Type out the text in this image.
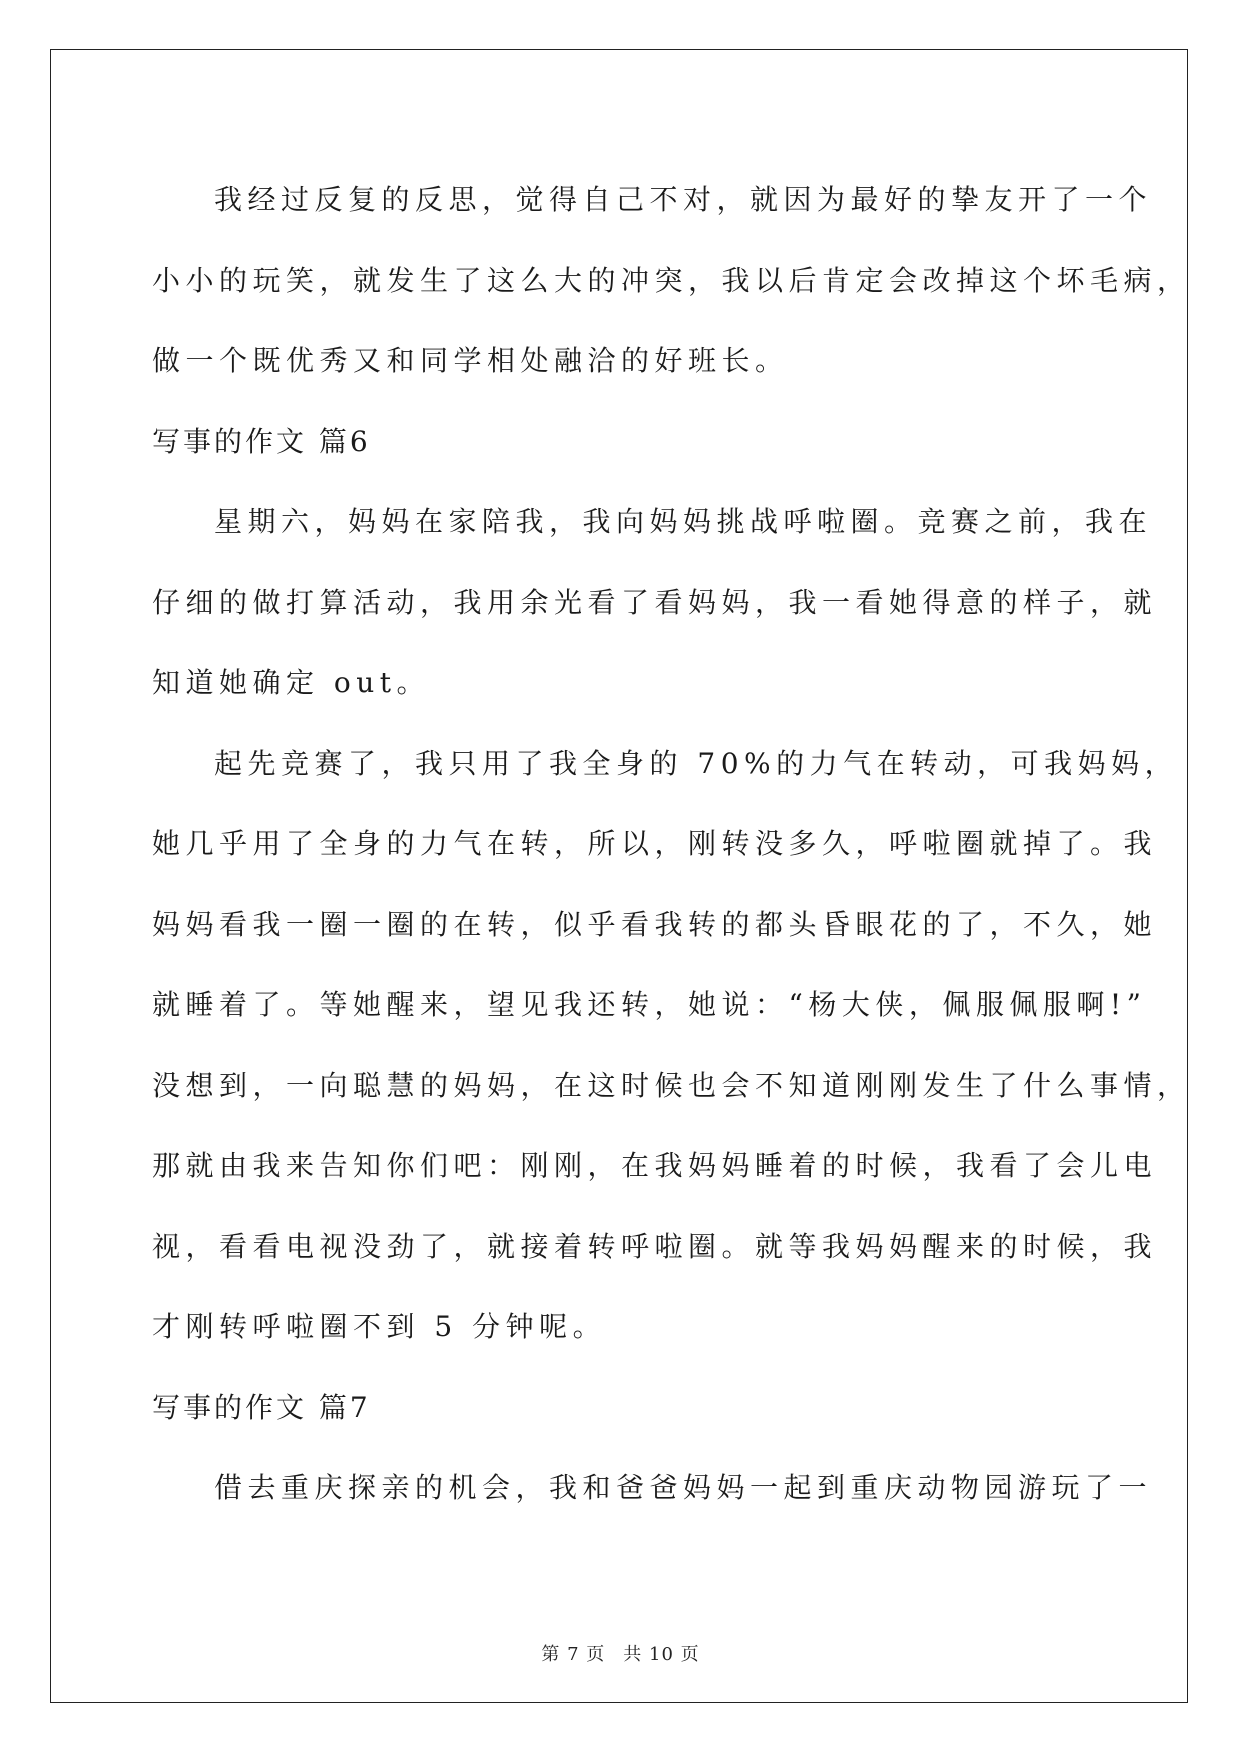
我经过反复的反思，觉得自己不对，就因为最好的挚友开了一个
小小的玩笑，就发生了这么大的冲突，我以后肯定会改掉这个坏毛病，
做一个既优秀又和同学相处融洽的好班长。
写事的作文 篇6
星期六，妈妈在家陪我，我向妈妈挑战呼啦圈。竞赛之前，我在
仔细的做打算活动，我用余光看了看妈妈，我一看她得意的样子，就
知道她确定 out。
起先竞赛了，我只用了我全身的 70%的力气在转动，可我妈妈，
她几乎用了全身的力气在转，所以，刚转没多久，呼啦圈就掉了。我
妈妈看我一圈一圈的在转，似乎看我转的都头昏眼花的了，不久，她
就睡着了。等她醒来，望见我还转，她说：“杨大侠，佩服佩服啊!”
没想到，一向聪慧的妈妈，在这时候也会不知道刚刚发生了什么事情，
那就由我来告知你们吧：刚刚，在我妈妈睡着的时候，我看了会儿电
视，看看电视没劲了，就接着转呼啦圈。就等我妈妈醒来的时候，我
才刚转呼啦圈不到 5 分钟呢。
写事的作文 篇7
借去重庆探亲的机会，我和爸爸妈妈一起到重庆动物园游玩了一
第 7 页 共 10 页
